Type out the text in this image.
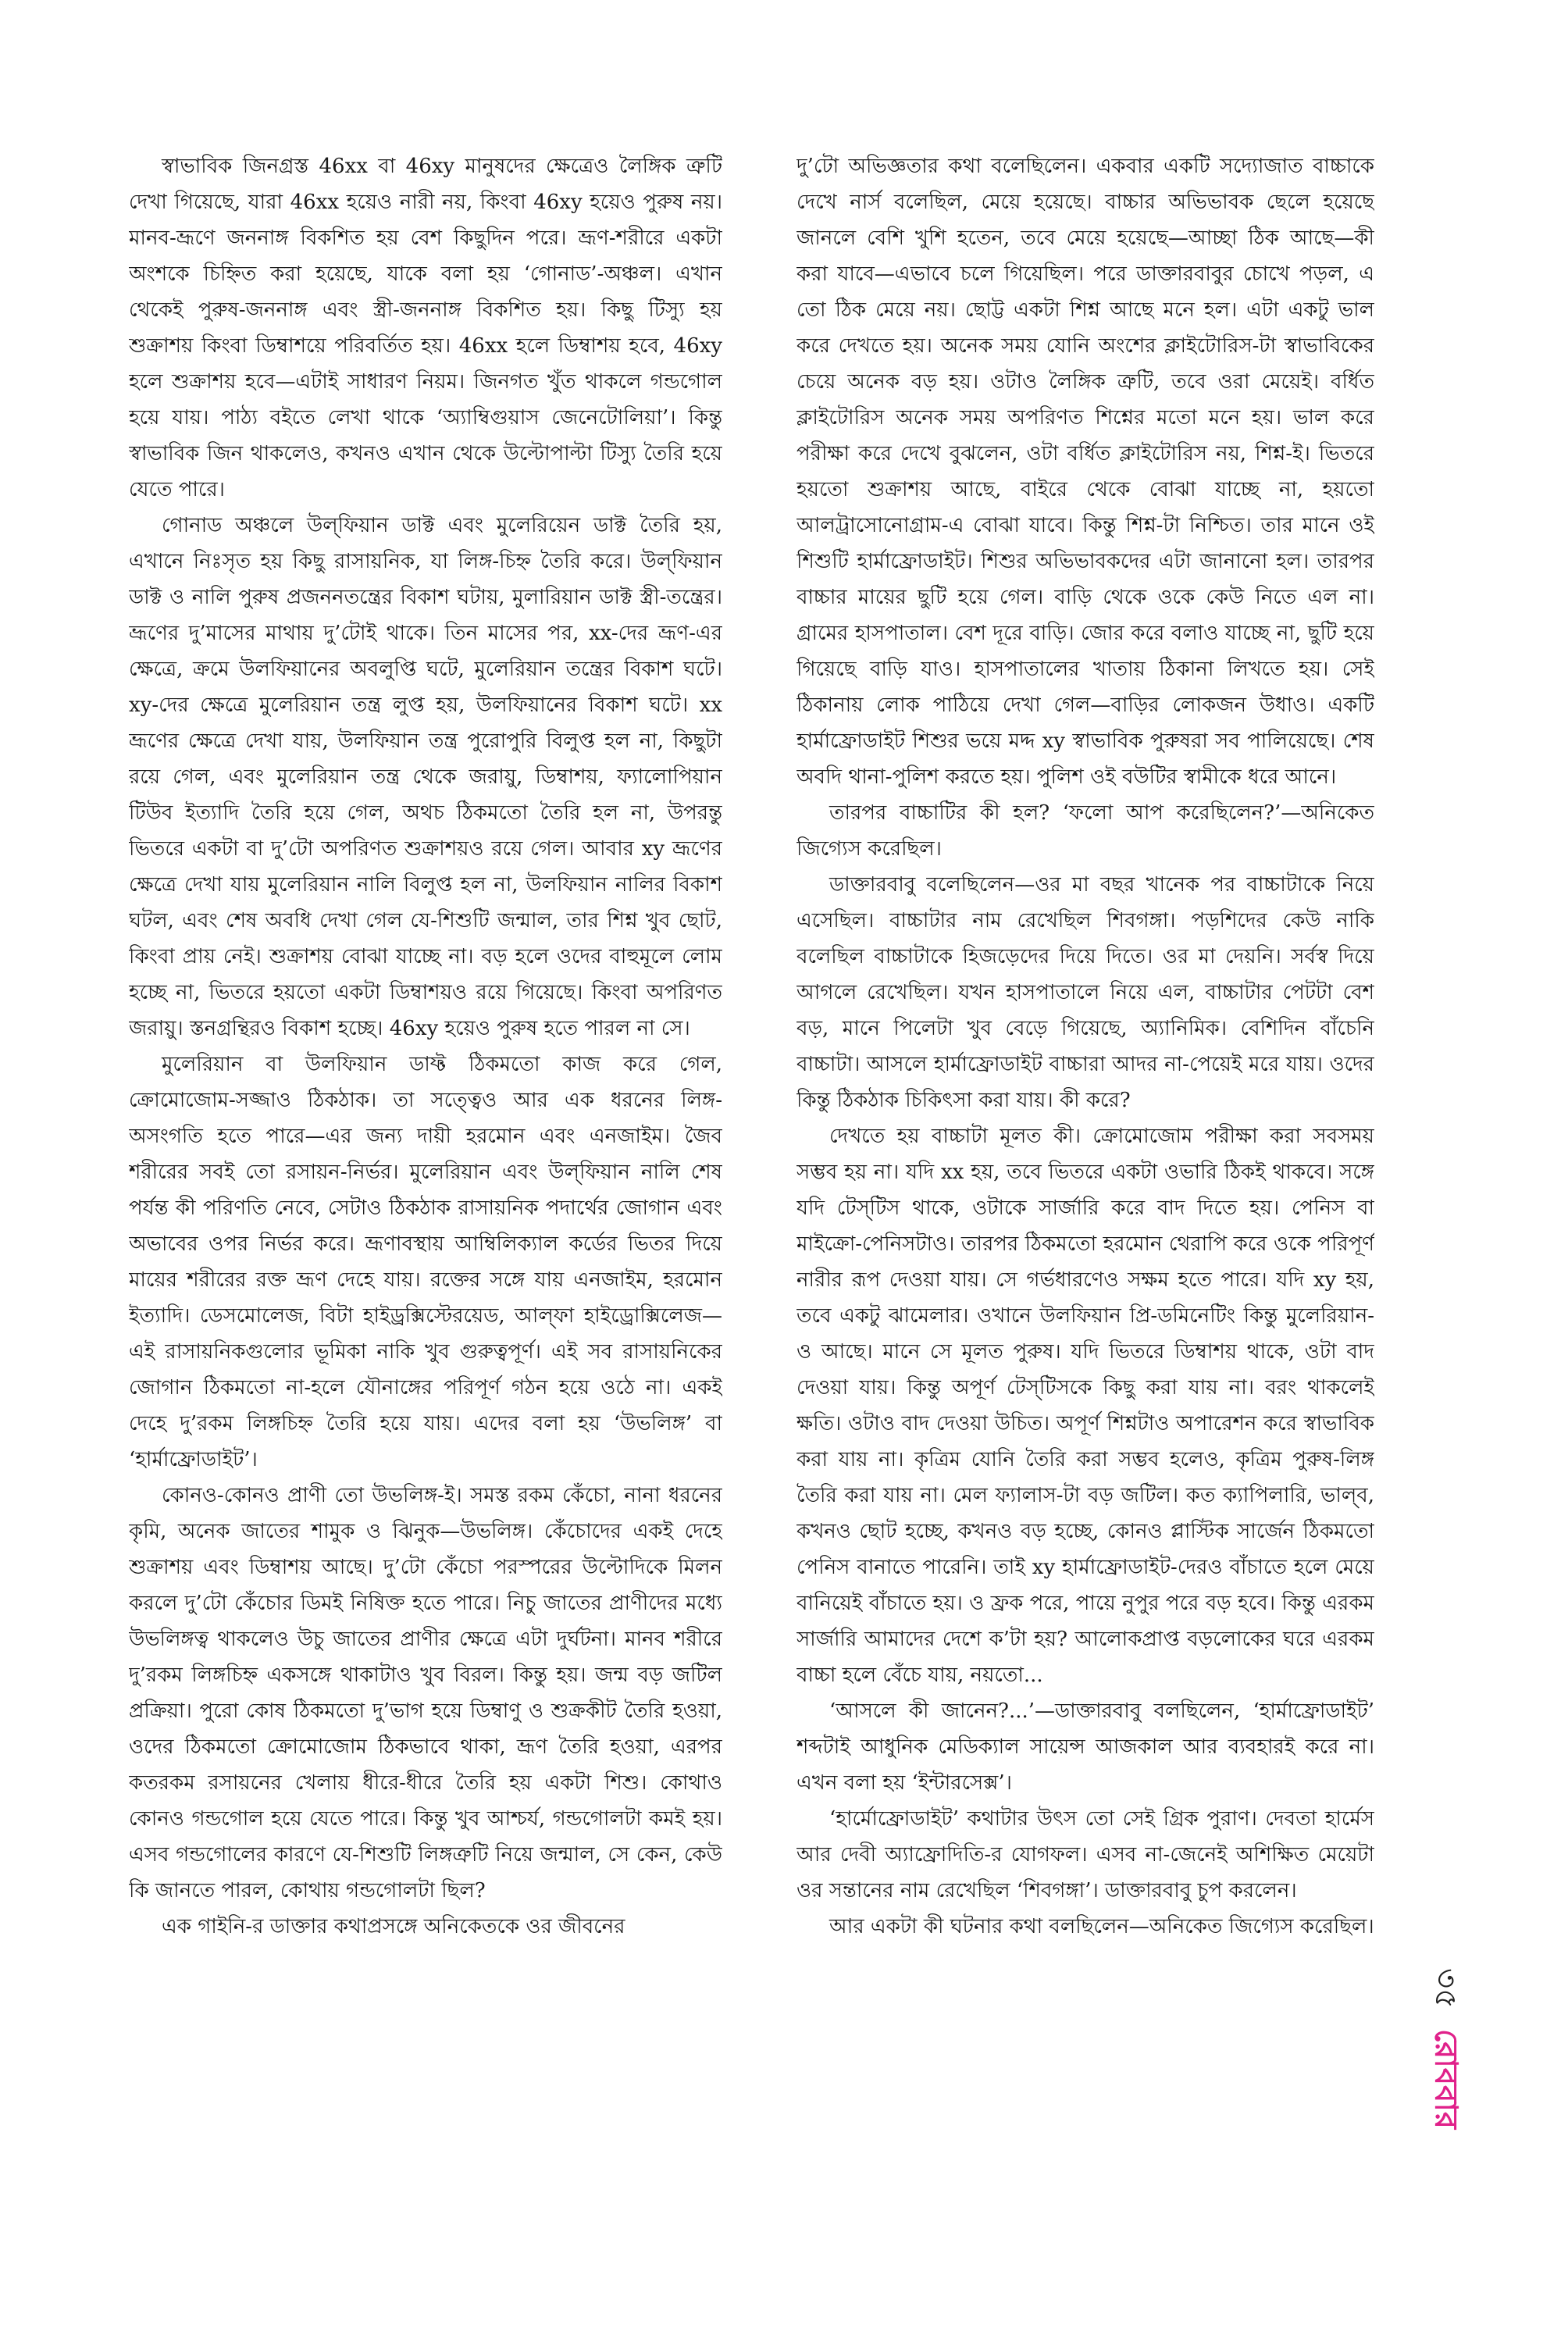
স্বাভাবিক জিনগ্রস্ত 46xx বা 46xy মানুষদের ক্ষেত্রেও লৈঙ্গিক ত্রুটি দেখা গিয়েছে, যারা 46xx হয়েও নারী নয়, কিংবা 46xy হয়েও পুরুষ নয়। মানব-ভ্রূণে জননাঙ্গ বিকশিত হয় বেশ কিছুদিন পরে। ভ্রূণ-শরীরে একটা অংশকে চিহ্নিত করা হয়েছে, যাকে বলা হয় ‘গোনাড’-অঞ্চল। এখান থেকেই পুরুষ-জননাঙ্গ এবং স্ত্রী-জননাঙ্গ বিকশিত হয়। কিছু টিস্যু হয় শুক্রাশয় কিংবা ডিম্বাশয়ে পরিবর্তিত হয়। 46xx হলে ডিম্বাশয় হবে, 46xy হলে শুক্রাশয় হবে—এটাই সাধারণ নিয়ম। জিনগত খুঁত থাকলে গন্ডগোল হয়ে যায়। পাঠ্য বইতে লেখা থাকে ‘অ্যাম্বিগুয়াস জেনেটোলিয়া’। কিন্তু স্বাভাবিক জিন থাকলেও, কখনও এখান থেকে উল্টোপাল্টা টিস্যু তৈরি হয়ে যেতে পারে।

গোনাড অঞ্চলে উল্‌ফিয়ান ডাক্ট এবং মুলেরিয়েন ডাক্ট তৈরি হয়, এখানে নিঃসৃত হয় কিছু রাসায়নিক, যা লিঙ্গ-চিহ্ন তৈরি করে। উল্‌ফিয়ান ডাক্ট ও নালি পুরুষ প্রজননতন্ত্রের বিকাশ ঘটায়, মুলারিয়ান ডাক্ট স্ত্রী-তন্ত্রের। ভ্রূণের দু’মাসের মাথায় দু’টোই থাকে। তিন মাসের পর, xx-দের ভ্রূণ-এর ক্ষেত্রে, ক্রমে উলফিয়ানের অবলুপ্তি ঘটে, মুলেরিয়ান তন্ত্রের বিকাশ ঘটে। xy-দের ক্ষেত্রে মুলেরিয়ান তন্ত্র লুপ্ত হয়, উলফিয়ানের বিকাশ ঘটে। xx ভ্রূণের ক্ষেত্রে দেখা যায়, উলফিয়ান তন্ত্র পুরোপুরি বিলুপ্ত হল না, কিছুটা রয়ে গেল, এবং মুলেরিয়ান তন্ত্র থেকে জরায়ু, ডিম্বাশয়, ফ্যালোপিয়ান টিউব ইত্যাদি তৈরি হয়ে গেল, অথচ ঠিকমতো তৈরি হল না, উপরন্তু ভিতরে একটা বা দু’টো অপরিণত শুক্রাশয়ও রয়ে গেল। আবার xy ভ্রূণের ক্ষেত্রে দেখা যায় মুলেরিয়ান নালি বিলুপ্ত হল না, উলফিয়ান নালির বিকাশ ঘটল, এবং শেষ অবধি দেখা গেল যে-শিশুটি জন্মাল, তার শিশ্ন খুব ছোট, কিংবা প্রায় নেই। শুক্রাশয় বোঝা যাচ্ছে না। বড় হলে ওদের বাহুমূলে লোম হচ্ছে না, ভিতরে হয়তো একটা ডিম্বাশয়ও রয়ে গিয়েছে। কিংবা অপরিণত জরায়ু। স্তনগ্রন্থিরও বিকাশ হচ্ছে। 46xy হয়েও পুরুষ হতে পারল না সে।

মুলেরিয়ান বা উলফিয়ান ডাফ্ট ঠিকমতো কাজ করে গেল, ক্রোমোজোম-সজ্জাও ঠিকঠাক। তা সত্ত্বেও আর এক ধরনের লিঙ্গ-অসংগতি হতে পারে—এর জন্য দায়ী হরমোন এবং এনজাইম। জৈব শরীরের সবই তো রসায়ন-নির্ভর। মুলেরিয়ান এবং উল্‌ফিয়ান নালি শেষ পর্যন্ত কী পরিণতি নেবে, সেটাও ঠিকঠাক রাসায়নিক পদার্থের জোগান এবং অভাবের ওপর নির্ভর করে। ভ্রূণাবস্থায় আম্বিলিক্যাল কর্ডের ভিতর দিয়ে মায়ের শরীরের রক্ত ভ্রূণ দেহে যায়। রক্তের সঙ্গে যায় এনজাইম, হরমোন ইত্যাদি। ডেসমোলেজ, বিটা হাইড্রক্সিস্টেরয়েড, আল্‌ফা হাইড্রোক্সিলেজ—এই রাসায়নিকগুলোর ভূমিকা নাকি খুব গুরুত্বপূর্ণ। এই সব রাসায়নিকের জোগান ঠিকমতো না-হলে যৌনাঙ্গের পরিপূর্ণ গঠন হয়ে ওঠে না। একই দেহে দু’রকম লিঙ্গচিহ্ন তৈরি হয়ে যায়। এদের বলা হয় ‘উভলিঙ্গ’ বা ‘হার্মাফ্রোডাইট’।

কোনও-কোনও প্রাণী তো উভলিঙ্গ-ই। সমস্ত রকম কেঁচো, নানা ধরনের কৃমি, অনেক জাতের শামুক ও ঝিনুক—উভলিঙ্গ। কেঁচোদের একই দেহে শুক্রাশয় এবং ডিম্বাশয় আছে। দু’টো কেঁচো পরস্পরের উল্টোদিকে মিলন করলে দু’টো কেঁচোর ডিমই নিষিক্ত হতে পারে। নিচু জাতের প্রাণীদের মধ্যে উভলিঙ্গত্ব থাকলেও উচু জাতের প্রাণীর ক্ষেত্রে এটা দুর্ঘটনা। মানব শরীরে দু’রকম লিঙ্গচিহ্ন একসঙ্গে থাকাটাও খুব বিরল। কিন্তু হয়। জন্ম বড় জটিল প্রক্রিয়া। পুরো কোষ ঠিকমতো দু’ভাগ হয়ে ডিম্বাণু ও শুক্রকীট তৈরি হওয়া, ওদের ঠিকমতো ক্রোমোজোম ঠিকভাবে থাকা, ভ্রূণ তৈরি হওয়া, এরপর কতরকম রসায়নের খেলায় ধীরে-ধীরে তৈরি হয় একটা শিশু। কোথাও কোনও গন্ডগোল হয়ে যেতে পারে। কিন্তু খুব আশ্চর্য, গন্ডগোলটা কমই হয়। এসব গন্ডগোলের কারণে যে-শিশুটি লিঙ্গত্রুটি নিয়ে জন্মাল, সে কেন, কেউ কি জানতে পারল, কোথায় গন্ডগোলটা ছিল?

এক গাইনি-র ডাক্তার কথাপ্রসঙ্গে অনিকেতকে ওর জীবনের

দু’টো অভিজ্ঞতার কথা বলেছিলেন। একবার একটি সদ্যোজাত বাচ্চাকে দেখে নার্স বলেছিল, মেয়ে হয়েছে। বাচ্চার অভিভাবক ছেলে হয়েছে জানলে বেশি খুশি হতেন, তবে মেয়ে হয়েছে—আচ্ছা ঠিক আছে—কী করা যাবে—এভাবে চলে গিয়েছিল। পরে ডাক্তারবাবুর চোখে পড়ল, এ তো ঠিক মেয়ে নয়। ছোট্ট একটা শিশ্ন আছে মনে হল। এটা একটু ভাল করে দেখতে হয়। অনেক সময় যোনি অংশের ক্লাইটোরিস-টা স্বাভাবিকের চেয়ে অনেক বড় হয়। ওটাও লৈঙ্গিক ত্রুটি, তবে ওরা মেয়েই। বর্ধিত ক্লাইটোরিস অনেক সময় অপরিণত শিশ্নের মতো মনে হয়। ভাল করে পরীক্ষা করে দেখে বুঝলেন, ওটা বর্ধিত ক্লাইটোরিস নয়, শিশ্ন-ই। ভিতরে হয়তো শুক্রাশয় আছে, বাইরে থেকে বোঝা যাচ্ছে না, হয়তো আলট্রাসোনোগ্রাম-এ বোঝা যাবে। কিন্তু শিশ্ন-টা নিশ্চিত। তার মানে ওই শিশুটি হার্মাফ্রোডাইট। শিশুর অভিভাবকদের এটা জানানো হল। তারপর বাচ্চার মায়ের ছুটি হয়ে গেল। বাড়ি থেকে ওকে কেউ নিতে এল না। গ্রামের হাসপাতাল। বেশ দূরে বাড়ি। জোর করে বলাও যাচ্ছে না, ছুটি হয়ে গিয়েছে বাড়ি যাও। হাসপাতালের খাতায় ঠিকানা লিখতে হয়। সেই ঠিকানায় লোক পাঠিয়ে দেখা গেল—বাড়ির লোকজন উধাও। একটি হার্মাফ্রোডাইট শিশুর ভয়ে মদ্দ xy স্বাভাবিক পুরুষরা সব পালিয়েছে। শেষ অবদি থানা-পুলিশ করতে হয়। পুলিশ ওই বউটির স্বামীকে ধরে আনে।

তারপর বাচ্চাটির কী হল? ‘ফলো আপ করেছিলেন?’—অনিকেত জিগ্যেস করেছিল।

ডাক্তারবাবু বলেছিলেন—ওর মা বছর খানেক পর বাচ্চাটাকে নিয়ে এসেছিল। বাচ্চাটার নাম রেখেছিল শিবগঙ্গা। পড়শিদের কেউ নাকি বলেছিল বাচ্চাটাকে হিজড়েদের দিয়ে দিতে। ওর মা দেয়নি। সর্বস্ব দিয়ে আগলে রেখেছিল। যখন হাসপাতালে নিয়ে এল, বাচ্চাটার পেটটা বেশ বড়, মানে পিলেটা খুব বেড়ে গিয়েছে, অ্যানিমিক। বেশিদিন বাঁচেনি বাচ্চাটা। আসলে হার্মাফ্রোডাইট বাচ্চারা আদর না-পেয়েই মরে যায়। ওদের কিন্তু ঠিকঠাক চিকিৎসা করা যায়। কী করে?

দেখতে হয় বাচ্চাটা মূলত কী। ক্রোমোজোম পরীক্ষা করা সবসময় সম্ভব হয় না। যদি xx হয়, তবে ভিতরে একটা ওভারি ঠিকই থাকবে। সঙ্গে যদি টেস্‌টিস থাকে, ওটাকে সার্জারি করে বাদ দিতে হয়। পেনিস বা মাইক্রো-পেনিসটাও। তারপর ঠিকমতো হরমোন থেরাপি করে ওকে পরিপূর্ণ নারীর রূপ দেওয়া যায়। সে গর্ভধারণেও সক্ষম হতে পারে। যদি xy হয়, তবে একটু ঝামেলার। ওখানে উলফিয়ান প্রি-ডমিনেটিং কিন্তু মুলেরিয়ান-ও আছে। মানে সে মূলত পুরুষ। যদি ভিতরে ডিম্বাশয় থাকে, ওটা বাদ দেওয়া যায়। কিন্তু অপূর্ণ টেস্‌টিসকে কিছু করা যায় না। বরং থাকলেই ক্ষতি। ওটাও বাদ দেওয়া উচিত। অপূর্ণ শিশ্নটাও অপারেশন করে স্বাভাবিক করা যায় না। কৃত্রিম যোনি তৈরি করা সম্ভব হলেও, কৃত্রিম পুরুষ-লিঙ্গ তৈরি করা যায় না। মেল ফ্যালাস-টা বড় জটিল। কত ক্যাপিলারি, ভাল্‌ব, কখনও ছোট হচ্ছে, কখনও বড় হচ্ছে, কোনও প্লাস্টিক সার্জেন ঠিকমতো পেনিস বানাতে পারেনি। তাই xy হার্মাফ্রোডাইট-দেরও বাঁচাতে হলে মেয়ে বানিয়েই বাঁচাতে হয়। ও ফ্রক পরে, পায়ে নুপুর পরে বড় হবে। কিন্তু এরকম সার্জারি আমাদের দেশে ক’টা হয়? আলোকপ্রাপ্ত বড়লোকের ঘরে এরকম বাচ্চা হলে বেঁচে যায়, নয়তো...

‘আসলে কী জানেন?...’—ডাক্তারবাবু বলছিলেন, ‘হার্মাফ্রোডাইট’ শব্দটাই আধুনিক মেডিক্যাল সায়েন্স আজকাল আর ব্যবহারই করে না। এখন বলা হয় ‘ইন্টারসেক্স’।

‘হার্মোফ্রোডাইট’ কথাটার উৎস তো সেই গ্রিক পুরাণ। দেবতা হার্মেস আর দেবী অ্যাফ্রোদিতি-র যোগফল। এসব না-জেনেই অশিক্ষিত মেয়েটা ওর সন্তানের নাম রেখেছিল ‘শিবগঙ্গা’। ডাক্তারবাবু চুপ করলেন।

আর একটা কী ঘটনার কথা বলছিলেন—অনিকেত জিগ্যেস করেছিল।

৩৫
রোববার
